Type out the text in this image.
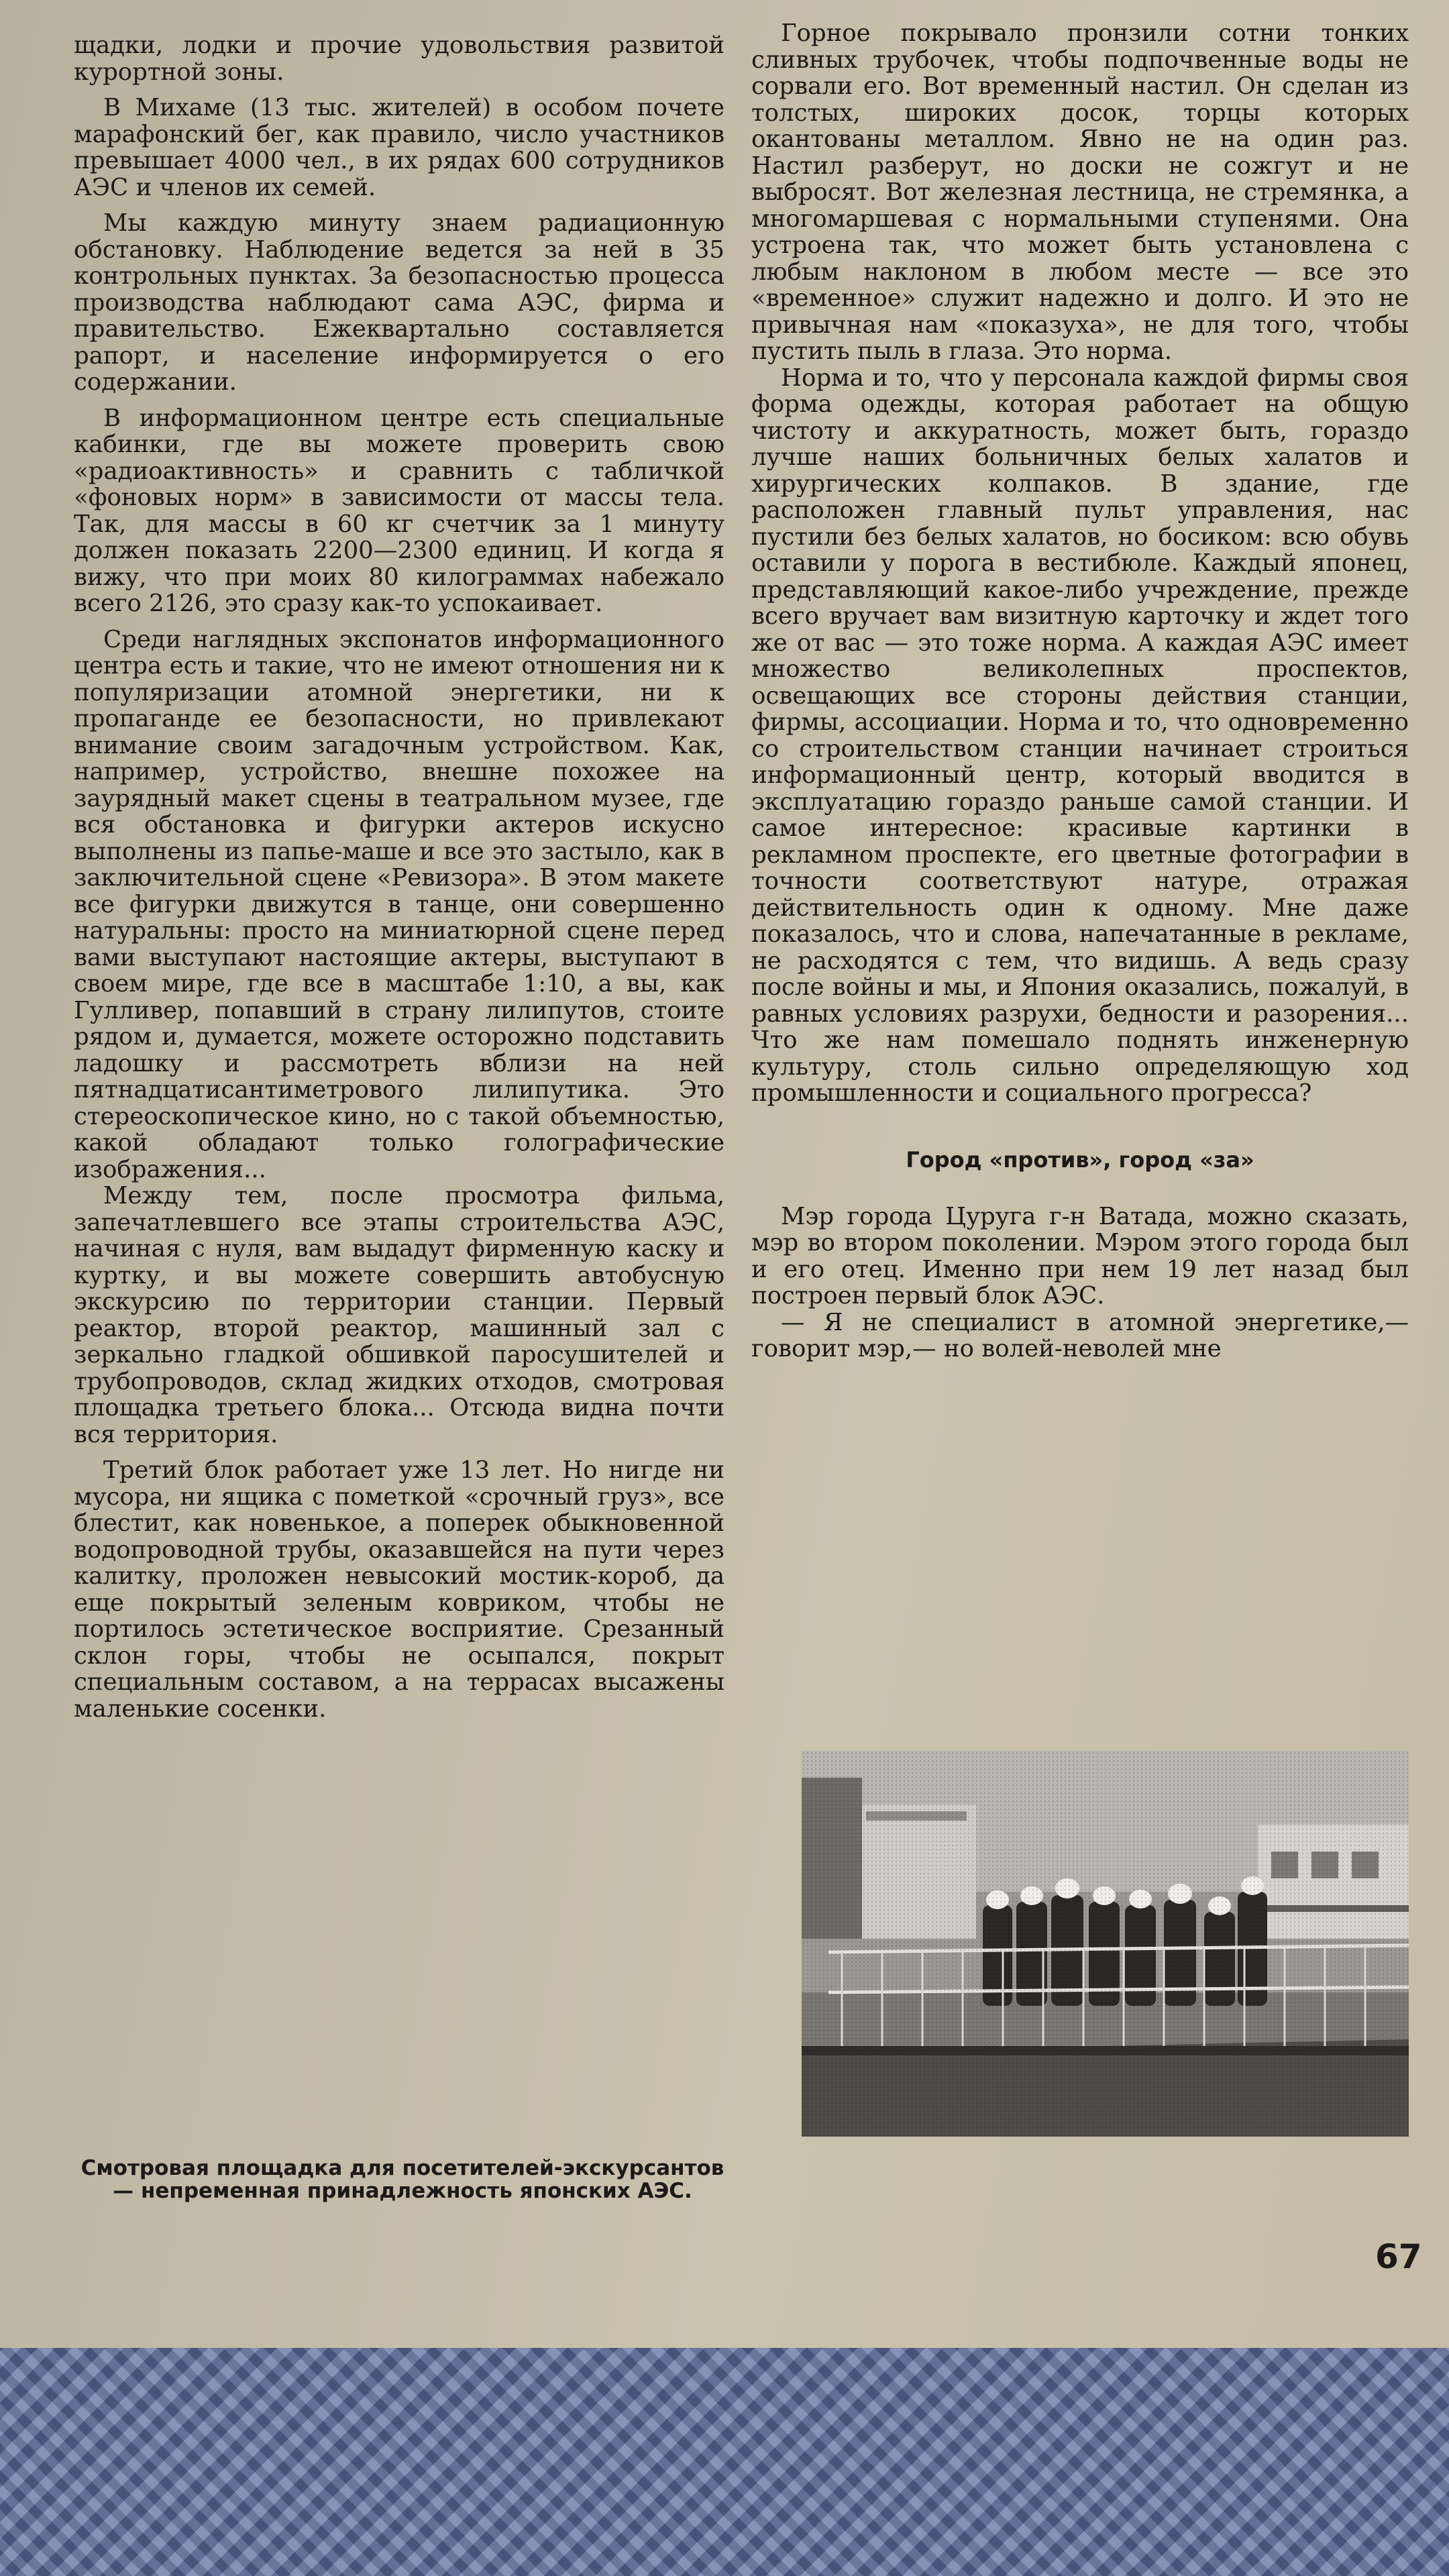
щадки, лодки и прочие удовольствия развитой курортной зоны.

В Михаме (13 тыс. жителей) в особом почете марафонский бег, как правило, число участников превышает 4000 чел., в их рядах 600 сотрудников АЭС и членов их семей.

Мы каждую минуту знаем радиационную обстановку. Наблюдение ведется за ней в 35 контрольных пунктах. За безопасностью процесса производства наблюдают сама АЭС, фирма и правительство. Ежеквартально составляется рапорт, и население информируется о его содержании.

В информационном центре есть специальные кабинки, где вы можете проверить свою «радиоактивность» и сравнить с табличкой «фоновых норм» в зависимости от массы тела. Так, для массы в 60 кг счетчик за 1 минуту должен показать 2200—2300 единиц. И когда я вижу, что при моих 80 килограммах набежало всего 2126, это сразу как-то успокаивает.

Среди наглядных экспонатов информационного центра есть и такие, что не имеют отношения ни к популяризации атомной энергетики, ни к пропаганде ее безопасности, но привлекают внимание своим загадочным устройством. Как, например, устройство, внешне похожее на заурядный макет сцены в театральном музее, где вся обстановка и фигурки актеров искусно выполнены из папье-маше и все это застыло, как в заключительной сцене «Ревизора». В этом макете все фигурки движутся в танце, они совершенно натуральны: просто на миниатюрной сцене перед вами выступают настоящие актеры, выступают в своем мире, где все в масштабе 1:10, а вы, как Гулливер, попавший в страну лилипутов, стоите рядом и, думается, можете осторожно подставить ладошку и рассмотреть вблизи на ней пятнадцатисантиметрового лилипутика. Это стереоскопическое кино, но с такой объемностью, какой обладают только голографические изображения...

Между тем, после просмотра фильма, запечатлевшего все этапы строительства АЭС, начиная с нуля, вам выдадут фирменную каску и куртку, и вы можете совершить автобусную экскурсию по территории станции. Первый реактор, второй реактор, машинный зал с зеркально гладкой обшивкой паросушителей и трубопроводов, склад жидких отходов, смотровая площадка третьего блока... Отсюда видна почти вся территория.

Третий блок работает уже 13 лет. Но нигде ни мусора, ни ящика с пометкой «срочный груз», все блестит, как новенькое, а поперек обыкновенной водопроводной трубы, оказавшейся на пути через калитку, проложен невысокий мостик-короб, да еще покрытый зеленым ковриком, чтобы не портилось эстетическое восприятие. Срезанный склон горы, чтобы не осыпался, покрыт специальным составом, а на террасах высажены маленькие сосенки.

Горное покрывало пронзили сотни тонких сливных трубочек, чтобы подпочвенные воды не сорвали его. Вот временный настил. Он сделан из толстых, широких досок, торцы которых окантованы металлом. Явно не на один раз. Настил разберут, но доски не сожгут и не выбросят. Вот железная лестница, не стремянка, а многомаршевая с нормальными ступенями. Она устроена так, что может быть установлена с любым наклоном в любом месте — все это «временное» служит надежно и долго. И это не привычная нам «показуха», не для того, чтобы пустить пыль в глаза. Это норма.

Норма и то, что у персонала каждой фирмы своя форма одежды, которая работает на общую чистоту и аккуратность, может быть, гораздо лучше наших больничных белых халатов и хирургических колпаков. В здание, где расположен главный пульт управления, нас пустили без белых халатов, но босиком: всю обувь оставили у порога в вестибюле. Каждый японец, представляющий какое-либо учреждение, прежде всего вручает вам визитную карточку и ждет того же от вас — это тоже норма. А каждая АЭС имеет множество великолепных проспектов, освещающих все стороны действия станции, фирмы, ассоциации. Норма и то, что одновременно со строительством станции начинает строиться информационный центр, который вводится в эксплуатацию гораздо раньше самой станции. И самое интересное: красивые картинки в рекламном проспекте, его цветные фотографии в точности соответствуют натуре, отражая действительность один к одному. Мне даже показалось, что и слова, напечатанные в рекламе, не расходятся с тем, что видишь. А ведь сразу после войны и мы, и Япония оказались, пожалуй, в равных условиях разрухи, бедности и разорения... Что же нам помешало поднять инженерную культуру, столь сильно определяющую ход промышленности и социального прогресса?

Город «против», город «за»

Мэр города Цуруга г-н Ватада, можно сказать, мэр во втором поколении. Мэром этого города был и его отец. Именно при нем 19 лет назад был построен первый блок АЭС.

— Я не специалист в атомной энергетике,— говорит мэр,— но волей-неволей мне

Смотровая площадка для посетителей-экскурсантов — непременная принадлежность японских АЭС.
67
